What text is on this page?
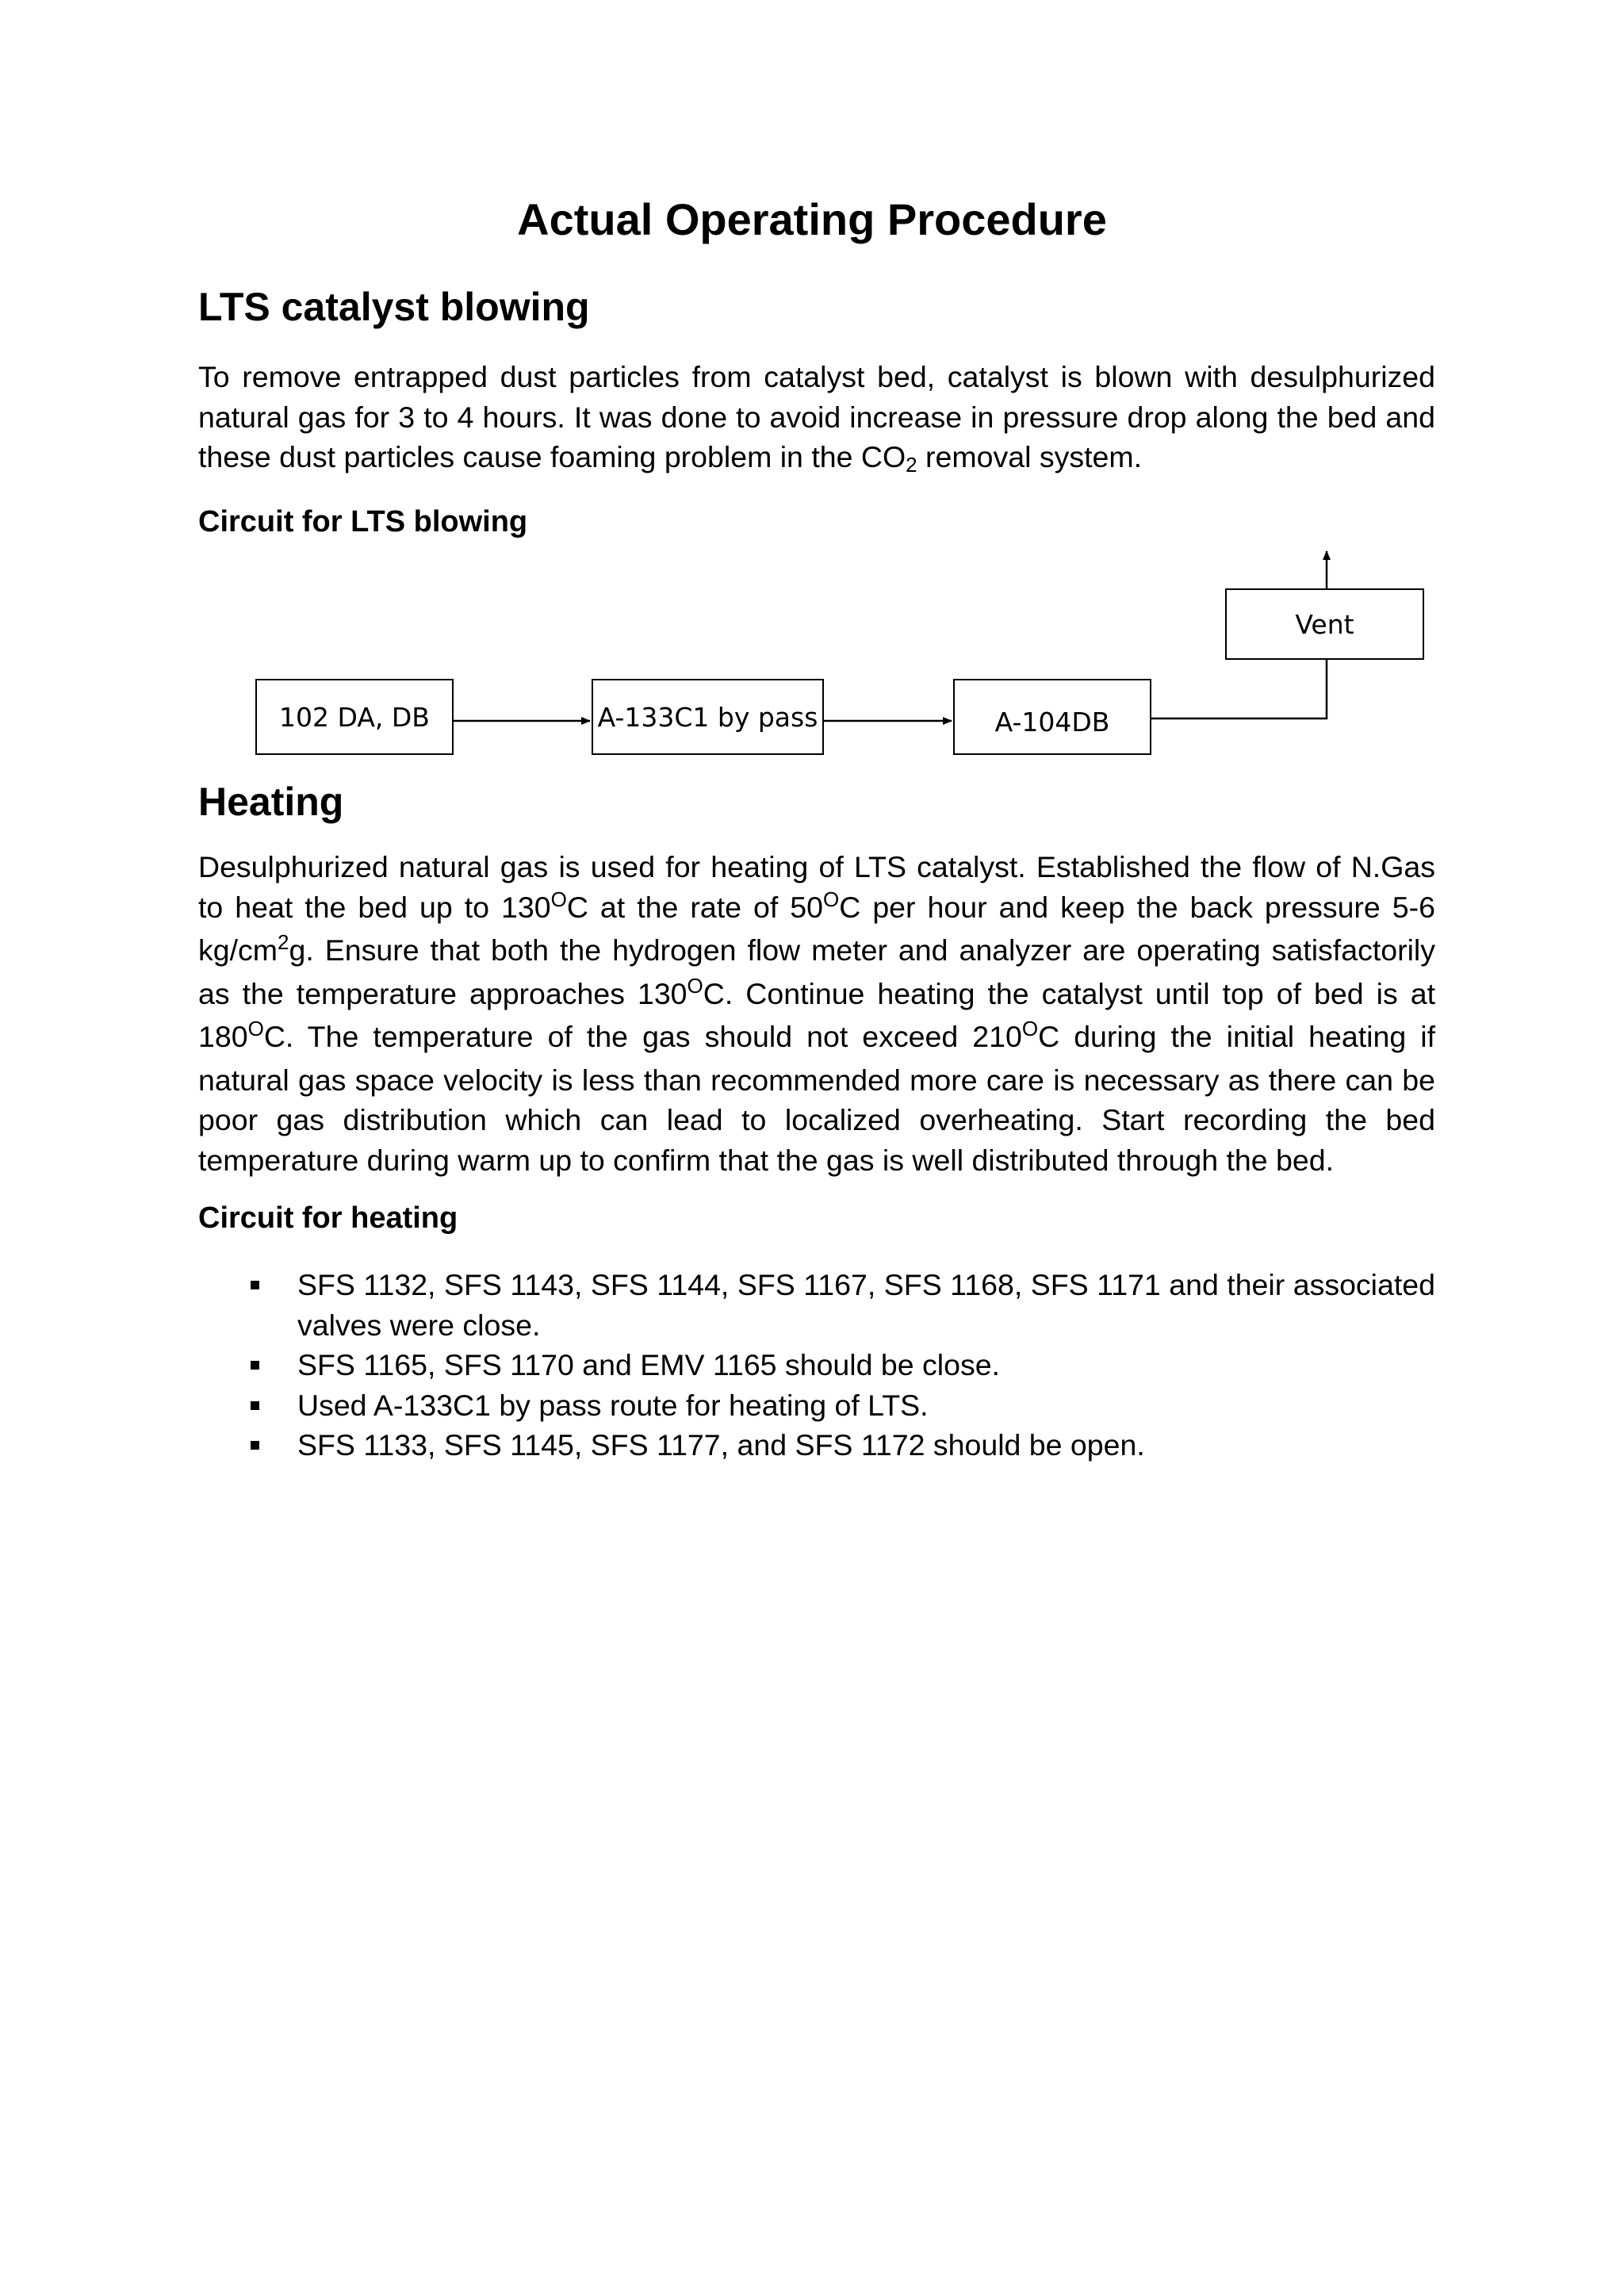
Actual Operating Procedure
LTS catalyst blowing

To remove entrapped dust particles from catalyst bed, catalyst is blown with desulphurized natural gas for 3 to 4 hours. It was done to avoid increase in pressure drop along the bed and these dust particles cause foaming problem in the CO2 removal system.

Circuit for LTS blowing
102 DA, DB	A-133C1 by pass	A-104DB
Vent
Heating

Desulphurized natural gas is used for heating of LTS catalyst. Established the flow of N.Gas to heat the bed up to $130^OC$ at the rate of $50^OC$ per hour and keep the back pressure 5-6 $kg/cm^2g$. Ensure that both the hydrogen flow meter and analyzer are operating satisfactorily as the temperature approaches $130^OC$. Continue heating the catalyst until top of bed is at $180^OC$. The temperature of the gas should not exceed $210^OC$ during the initial heating if natural gas space velocity is less than recommended more care is necessary as there can be poor gas distribution which can lead to localized overheating. Start recording the bed temperature during warm up to confirm that the gas is well distributed through the bed.

Circuit for heating
SFS 1132, SFS 1143, SFS 1144, SFS 1167, SFS 1168, SFS 1171 and their associated valves were close.
SFS 1165, SFS 1170 and EMV 1165 should be close.
Used A-133C1 by pass route for heating of LTS.
SFS 1133, SFS 1145, SFS 1177, and SFS 1172 should be open.
